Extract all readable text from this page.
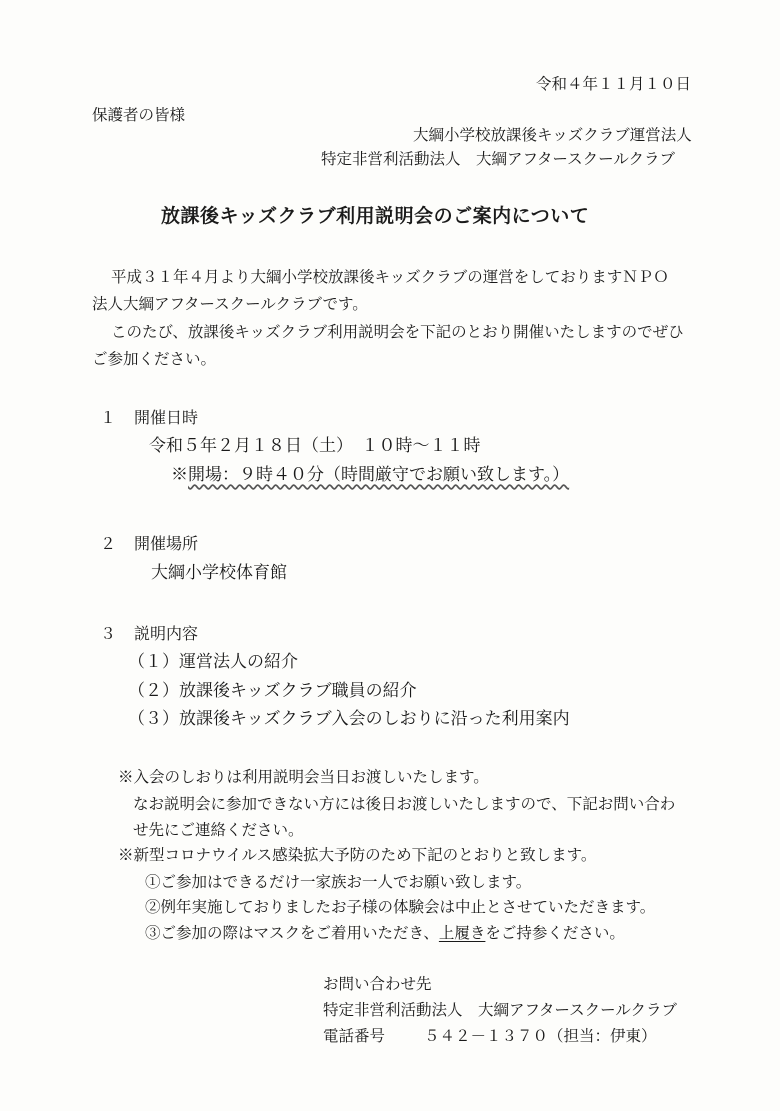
令和４年１１月１０日
保護者の皆様
大綱小学校放課後キッズクラブ運営法人
特定非営利活動法人　大綱アフタースクールクラブ
放課後キッズクラブ利用説明会のご案内について
平成３１年４月より大綱小学校放課後キッズクラブの運営をしておりますＮＰＯ
法人大綱アフタースクールクラブです。
このたび、放課後キッズクラブ利用説明会を下記のとおり開催いたしますのでぜひ
ご参加ください。
１ 開催日時
令和５年２月１８日（土）　１０時～１１時
※開場：９時４０分（時間厳守でお願い致します。）
２ 開催場所
大綱小学校体育館
３ 説明内容
（１）運営法人の紹介
（２）放課後キッズクラブ職員の紹介
（３）放課後キッズクラブ入会のしおりに沿った利用案内
※入会のしおりは利用説明会当日お渡しいたします。
なお説明会に参加できない方には後日お渡しいたしますので、下記お問い合わ
せ先にご連絡ください。
※新型コロナウイルス感染拡大予防のため下記のとおりと致します。
①ご参加はできるだけ一家族お一人でお願い致します。
②例年実施しておりましたお子様の体験会は中止とさせていただきます。
③ご参加の際はマスクをご着用いただき、上履きをご持参ください。
お問い合わせ先
特定非営利活動法人　大綱アフタースクールクラブ
電話番号	５４２－１３７０（担当：伊東）
